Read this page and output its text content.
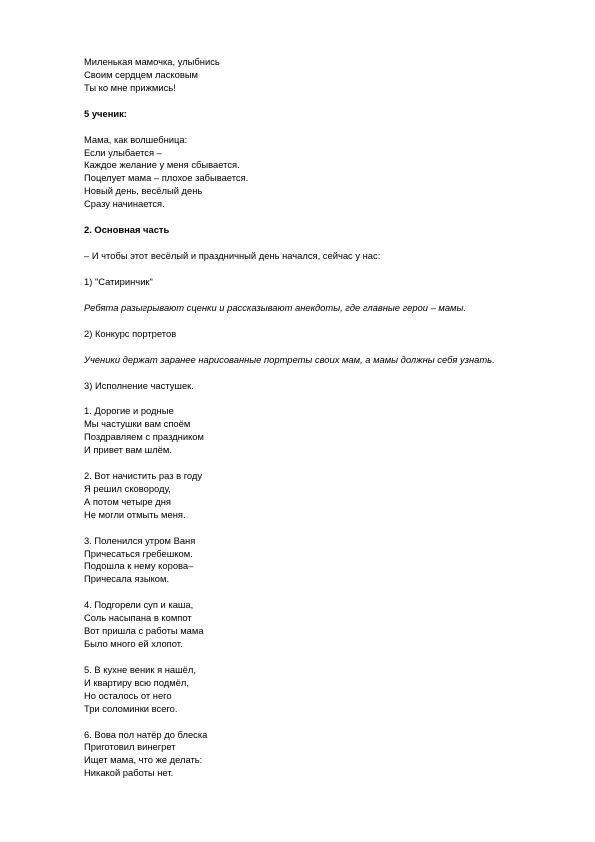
Миленькая мамочка, улыбнись
Своим сердцем ласковым
Ты ко мне прижмись!
5 ученик:
Мама, как волшебница:
Если улыбается –
Каждое желание у меня сбывается.
Поцелует мама – плохое забывается.
Новый день, весёлый день
Сразу начинается.
2. Основная часть
– И чтобы этот весёлый и праздничный день начался, сейчас у нас:
1) "Сатиринчик"
Ребята разыгрывают сценки и рассказывают анекдоты, где главные герои – мамы.
2) Конкурс портретов
Ученики держат заранее нарисованные портреты своих мам, а мамы должны себя узнать.
3) Исполнение частушек.
1. Дорогие и родные
Мы частушки вам споём
Поздравляем с праздником
И привет вам шлём.
2. Вот начистить раз в году
Я решил сковороду,
А потом четыре дня
Не могли отмыть меня.
3. Поленился утром Ваня
Причесаться гребешком.
Подошла к нему корова–
Причесала языком.
4. Подгорели суп и каша,
Соль насыпана в компот
Вот пришла с работы мама
Было много ей хлопот.
5. В кухне веник я нашёл,
И квартиру всю подмёл,
Но осталось от него
Три соломинки всего.
6. Вова пол натёр до блеска
Приготовил винегрет
Ищет мама, что же делать:
Никакой работы нет.
